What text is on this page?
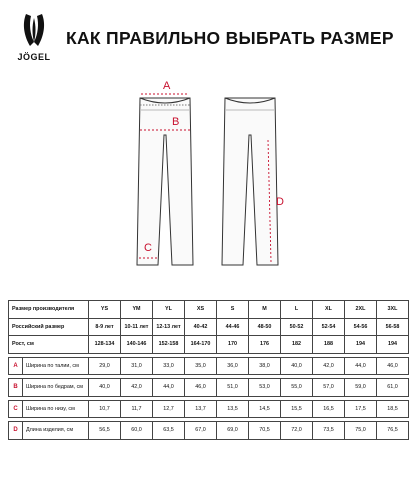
JÖGEL
КАК ПРАВИЛЬНО ВЫБРАТЬ РАЗМЕР
A
B
C
D
Размер производителя		YS	YM	YL	XS	S	M	L	XL	2XL	3XL
Российский размер		8-9 лет	10-11 лет	12-13 лет	40-42	44-46	48-50	50-52	52-54	54-56	56-58
Рост, см		128-134	140-146	152-158	164-170	170	176	182	188	194	194

A	Ширина по талии, см	29,0	31,0	33,0	35,0	36,0	38,0	40,0	42,0	44,0	46,0

B	Ширина по бедрам, см	40,0	42,0	44,0	46,0	51,0	53,0	55,0	57,0	59,0	61,0

C	Ширина по низу, см	10,7	11,7	12,7	13,7	13,5	14,5	15,5	16,5	17,5	18,5

D	Длина изделия, см	56,5	60,0	63,5	67,0	69,0	70,5	72,0	73,5	75,0	76,5
